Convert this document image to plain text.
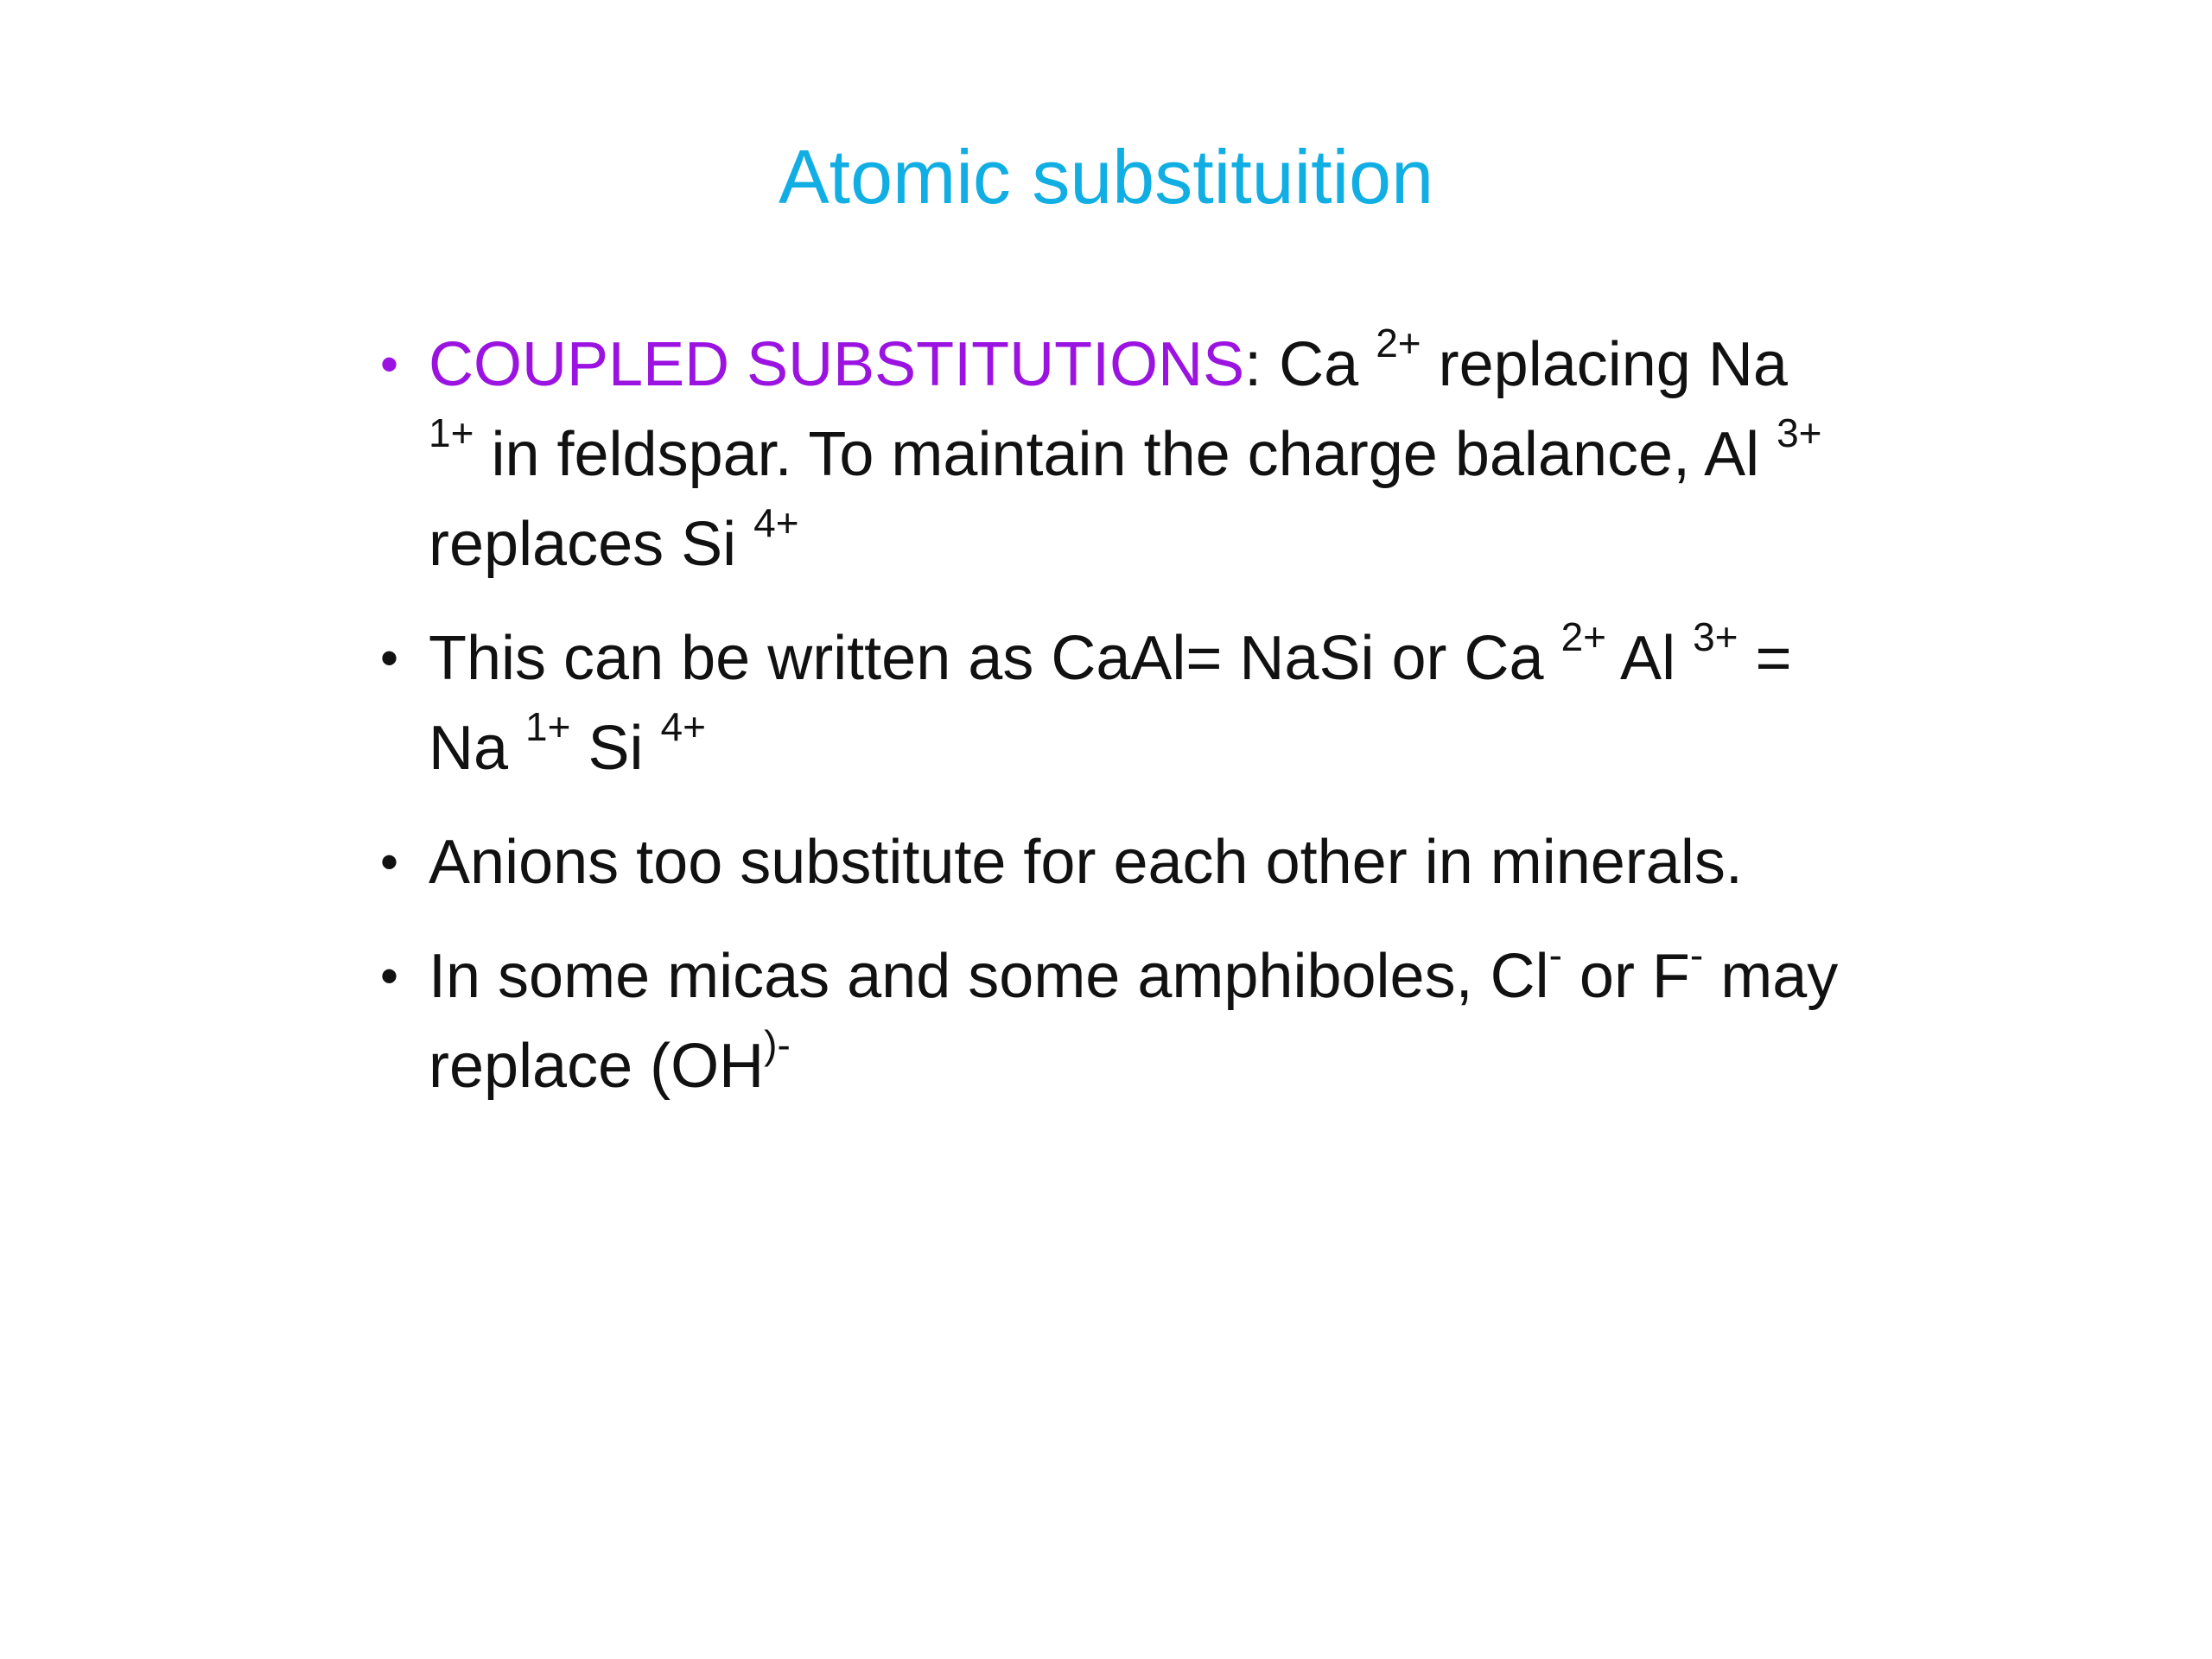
Atomic substituition
• COUPLED SUBSTITUTIONS: Ca $^{2+}$ replacing Na $^{1+}$ in feldspar. To maintain the charge balance, Al $^{3+}$ replaces Si $^{4+}$
• This can be written as CaAl= NaSi or Ca $^{2+}$ Al $^{3+}$ = Na $^{1+}$ Si $^{4+}$
• Anions too substitute for each other in minerals.
• In some micas and some amphiboles, Cl- or F- may replace (OH)-
